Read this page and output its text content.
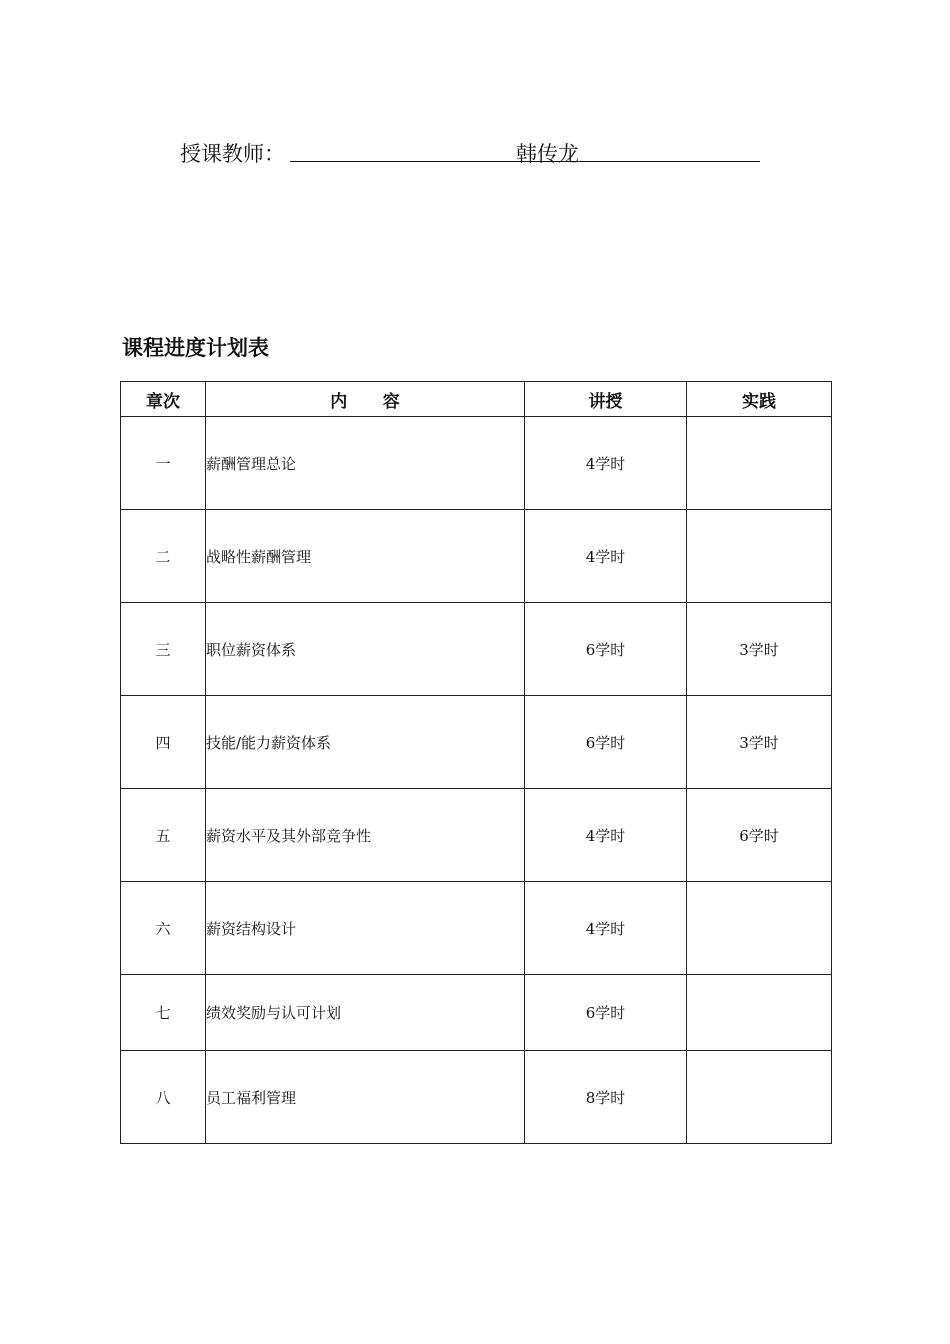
授课教师：	韩传龙
课程进度计划表
章次	内      容	讲授	实践
一	薪酬管理总论	4学时	
二	战略性薪酬管理	4学时	
三	职位薪资体系	6学时	3学时
四	技能/能力薪资体系	6学时	3学时
五	薪资水平及其外部竞争性	4学时	6学时
六	薪资结构设计	4学时	
七	绩效奖励与认可计划	6学时	
八	员工福利管理	8学时	
